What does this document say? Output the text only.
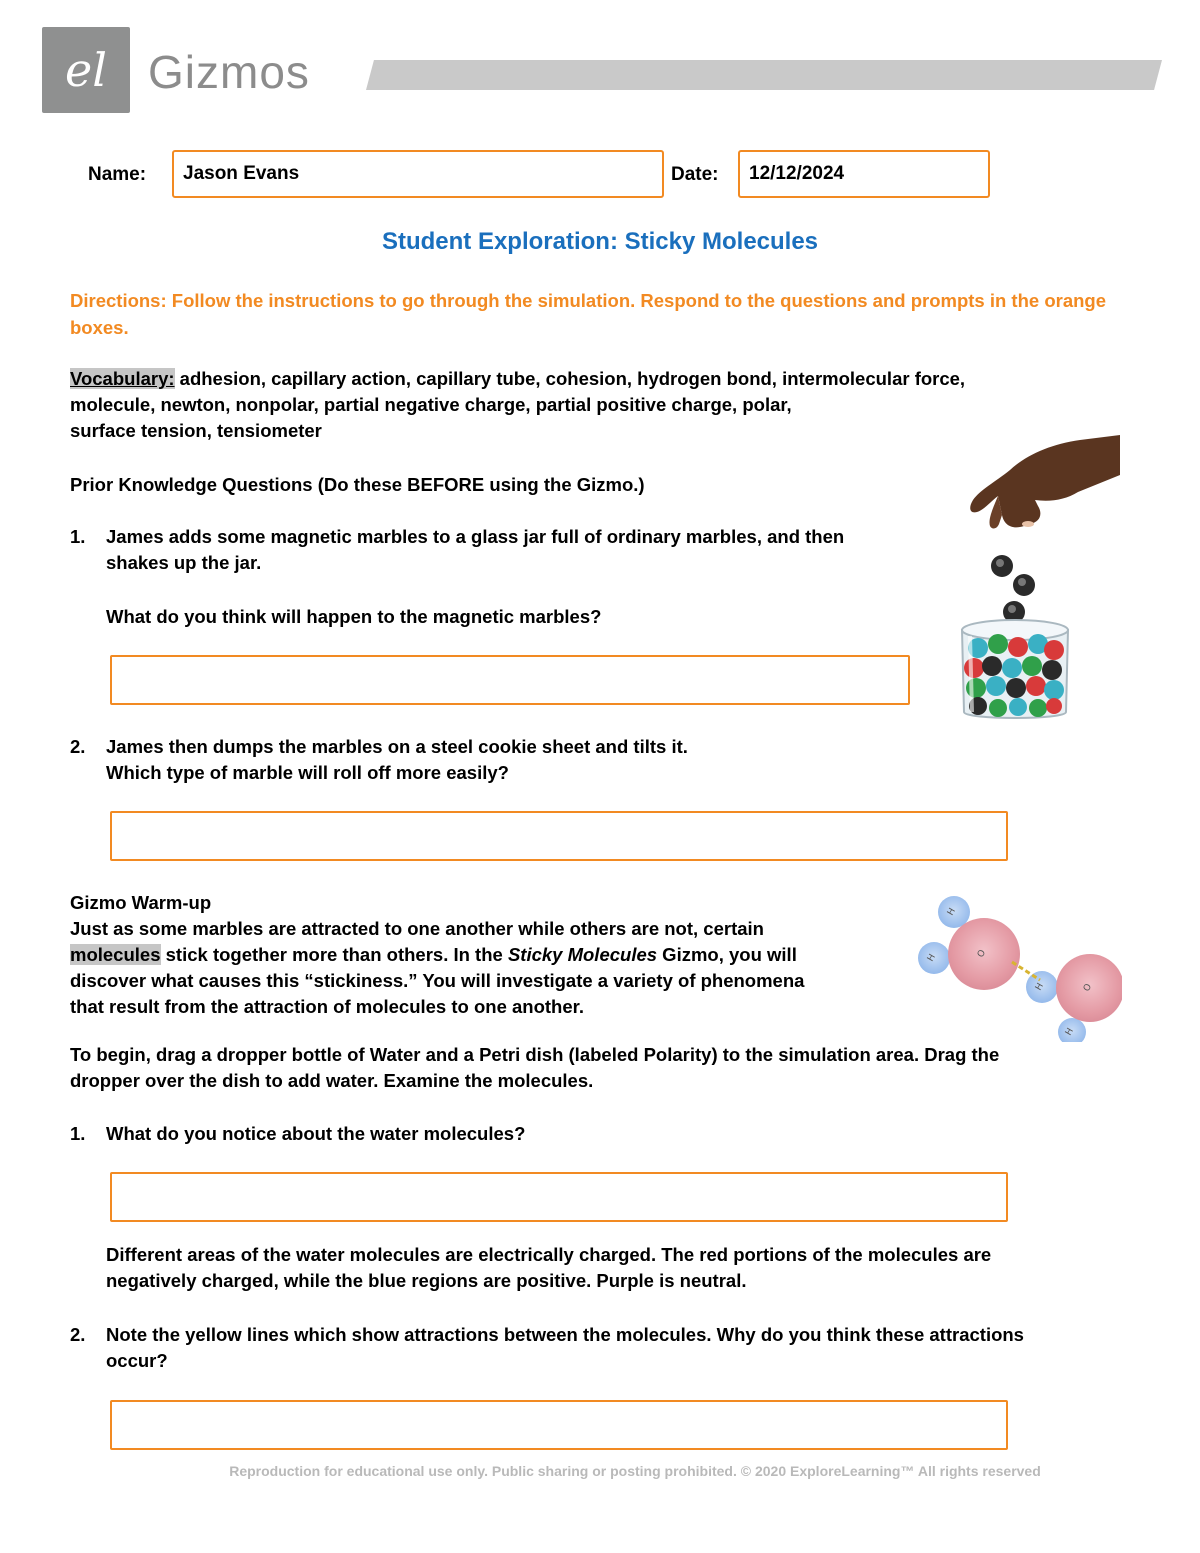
el Gizmos
Name:	Jason Evans	Date:	12/12/2024
Student Exploration: Sticky Molecules
Directions: Follow the instructions to go through the simulation. Respond to the questions and prompts in the orange boxes.
Vocabulary: adhesion, capillary action, capillary tube, cohesion, hydrogen bond, intermolecular force,
molecule, newton, nonpolar, partial negative charge, partial positive charge, polar,
surface tension, tensiometer
Prior Knowledge Questions (Do these BEFORE using the Gizmo.)
1. James adds some magnetic marbles to a glass jar full of ordinary marbles, and then
shakes up the jar.
What do you think will happen to the magnetic marbles?
2. James then dumps the marbles on a steel cookie sheet and tilts it.
Which type of marble will roll off more easily?
Gizmo Warm-up
Just as some marbles are attracted to one another while others are not, certain
molecules stick together more than others. In the Sticky Molecules Gizmo, you will
discover what causes this “stickiness.” You will investigate a variety of phenomena
that result from the attraction of molecules to one another.
H
H	O
H	O
H
To begin, drag a dropper bottle of Water and a Petri dish (labeled Polarity) to the simulation area. Drag the
dropper over the dish to add water. Examine the molecules.
1. What do you notice about the water molecules?
Different areas of the water molecules are electrically charged. The red portions of the molecules are
negatively charged, while the blue regions are positive. Purple is neutral.
2. Note the yellow lines which show attractions between the molecules. Why do you think these attractions
occur?
Reproduction for educational use only. Public sharing or posting prohibited. © 2020 ExploreLearning™ All rights reserved
